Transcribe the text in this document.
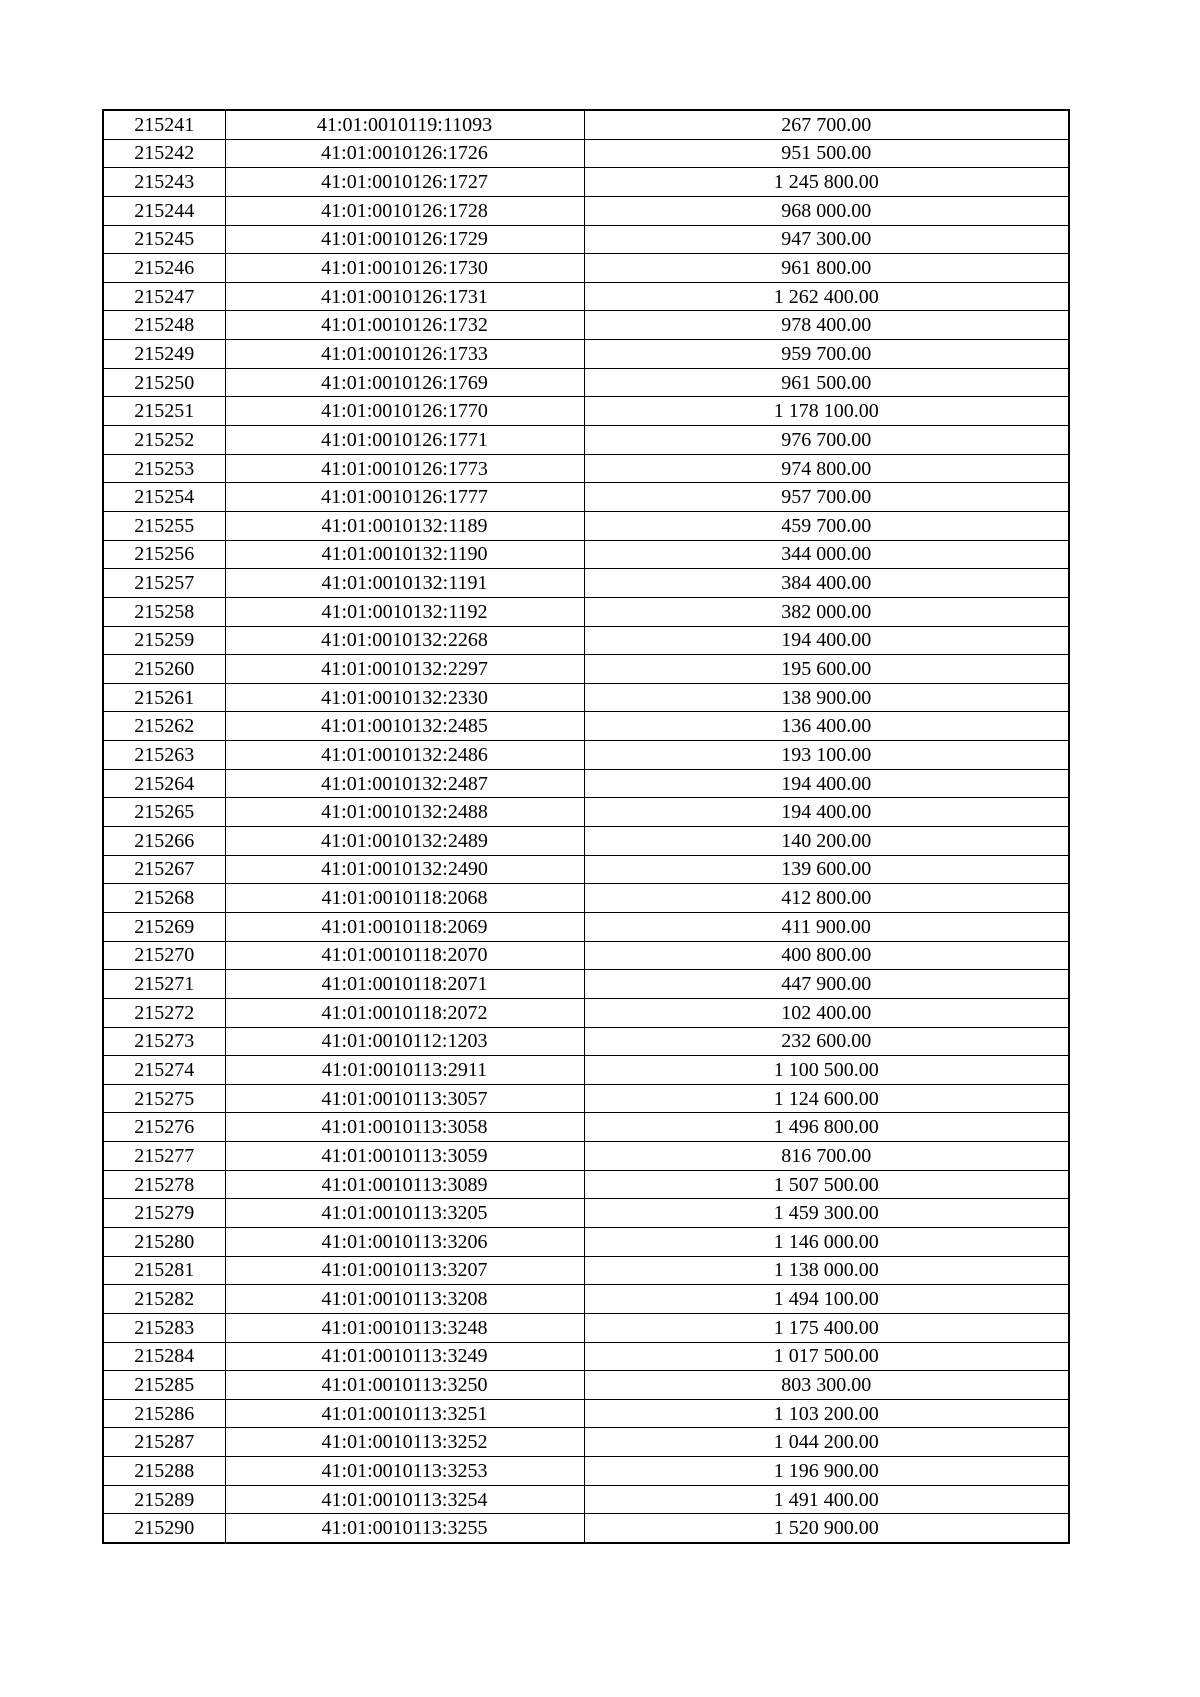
215241	41:01:0010119:11093	267 700.00
215242	41:01:0010126:1726	951 500.00
215243	41:01:0010126:1727	1 245 800.00
215244	41:01:0010126:1728	968 000.00
215245	41:01:0010126:1729	947 300.00
215246	41:01:0010126:1730	961 800.00
215247	41:01:0010126:1731	1 262 400.00
215248	41:01:0010126:1732	978 400.00
215249	41:01:0010126:1733	959 700.00
215250	41:01:0010126:1769	961 500.00
215251	41:01:0010126:1770	1 178 100.00
215252	41:01:0010126:1771	976 700.00
215253	41:01:0010126:1773	974 800.00
215254	41:01:0010126:1777	957 700.00
215255	41:01:0010132:1189	459 700.00
215256	41:01:0010132:1190	344 000.00
215257	41:01:0010132:1191	384 400.00
215258	41:01:0010132:1192	382 000.00
215259	41:01:0010132:2268	194 400.00
215260	41:01:0010132:2297	195 600.00
215261	41:01:0010132:2330	138 900.00
215262	41:01:0010132:2485	136 400.00
215263	41:01:0010132:2486	193 100.00
215264	41:01:0010132:2487	194 400.00
215265	41:01:0010132:2488	194 400.00
215266	41:01:0010132:2489	140 200.00
215267	41:01:0010132:2490	139 600.00
215268	41:01:0010118:2068	412 800.00
215269	41:01:0010118:2069	411 900.00
215270	41:01:0010118:2070	400 800.00
215271	41:01:0010118:2071	447 900.00
215272	41:01:0010118:2072	102 400.00
215273	41:01:0010112:1203	232 600.00
215274	41:01:0010113:2911	1 100 500.00
215275	41:01:0010113:3057	1 124 600.00
215276	41:01:0010113:3058	1 496 800.00
215277	41:01:0010113:3059	816 700.00
215278	41:01:0010113:3089	1 507 500.00
215279	41:01:0010113:3205	1 459 300.00
215280	41:01:0010113:3206	1 146 000.00
215281	41:01:0010113:3207	1 138 000.00
215282	41:01:0010113:3208	1 494 100.00
215283	41:01:0010113:3248	1 175 400.00
215284	41:01:0010113:3249	1 017 500.00
215285	41:01:0010113:3250	803 300.00
215286	41:01:0010113:3251	1 103 200.00
215287	41:01:0010113:3252	1 044 200.00
215288	41:01:0010113:3253	1 196 900.00
215289	41:01:0010113:3254	1 491 400.00
215290	41:01:0010113:3255	1 520 900.00
